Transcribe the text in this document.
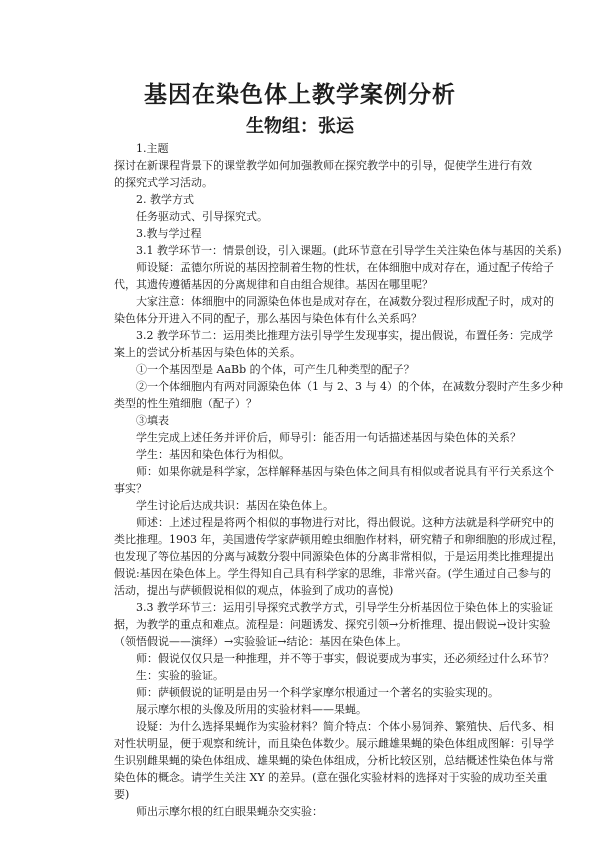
基因在染色体上教学案例分析
生物组：张运
1.主题
探讨在新课程背景下的课堂教学如何加强教师在探究教学中的引导，促使学生进行有效
的探究式学习活动。
2. 教学方式
任务驱动式、引导探究式。
3.教与学过程
3.1 教学环节一：情景创设，引入课题。(此环节意在引导学生关注染色体与基因的关系)
师设疑：孟德尔所说的基因控制着生物的性状，在体细胞中成对存在，通过配子传给子
代，其遗传遵循基因的分离规律和自由组合规律。基因在哪里呢？
大家注意：体细胞中的同源染色体也是成对存在，在减数分裂过程形成配子时，成对的
染色体分开进入不同的配子，那么基因与染色体有什么关系吗？
3.2 教学环节二：运用类比推理方法引导学生发现事实，提出假说，布置任务：完成学
案上的尝试分析基因与染色体的关系。
①一个基因型是 AaBb 的个体，可产生几种类型的配子？
②一个体细胞内有两对同源染色体（1 与 2、3 与 4）的个体，在减数分裂时产生多少种
类型的性生殖细胞（配子）？
③填表
学生完成上述任务并评价后，师导引：能否用一句话描述基因与染色体的关系？
学生：基因和染色体行为相似。
师：如果你就是科学家，怎样解释基因与染色体之间具有相似或者说具有平行关系这个
事实？
学生讨论后达成共识：基因在染色体上。
师述：上述过程是将两个相似的事物进行对比，得出假说。这种方法就是科学研究中的
类比推理。1903 年，美国遗传学家萨顿用蝗虫细胞作材料，研究精子和卵细胞的形成过程，
也发现了等位基因的分离与减数分裂中同源染色体的分离非常相似，于是运用类比推理提出
假说:基因在染色体上。学生得知自己具有科学家的思维，非常兴奋。(学生通过自己参与的
活动，提出与萨顿假说相似的观点，体验到了成功的喜悦)
3.3 教学环节三：运用引导探究式教学方式，引导学生分析基因位于染色体上的实验证
据，为教学的重点和难点。流程是：问题诱发、探究引领→分析推理、提出假说→设计实验
（领悟假说——演绎）→实验验证→结论：基因在染色体上。
师：假说仅仅只是一种推理，并不等于事实，假说要成为事实，还必须经过什么环节？
生：实验的验证。
师：萨顿假说的证明是由另一个科学家摩尔根通过一个著名的实验实现的。
展示摩尔根的头像及所用的实验材料——果蝇。
设疑：为什么选择果蝇作为实验材料？简介特点：个体小易饲养、繁殖快、后代多、相
对性状明显，便于观察和统计，而且染色体数少。展示雌雄果蝇的染色体组成图解：引导学
生识别雌果蝇的染色体组成、雄果蝇的染色体组成，分析比较区别，总结概述性染色体与常
染色体的概念。请学生关注 XY 的差异。(意在强化实验材料的选择对于实验的成功至关重
要)
师出示摩尔根的红白眼果蝇杂交实验：
